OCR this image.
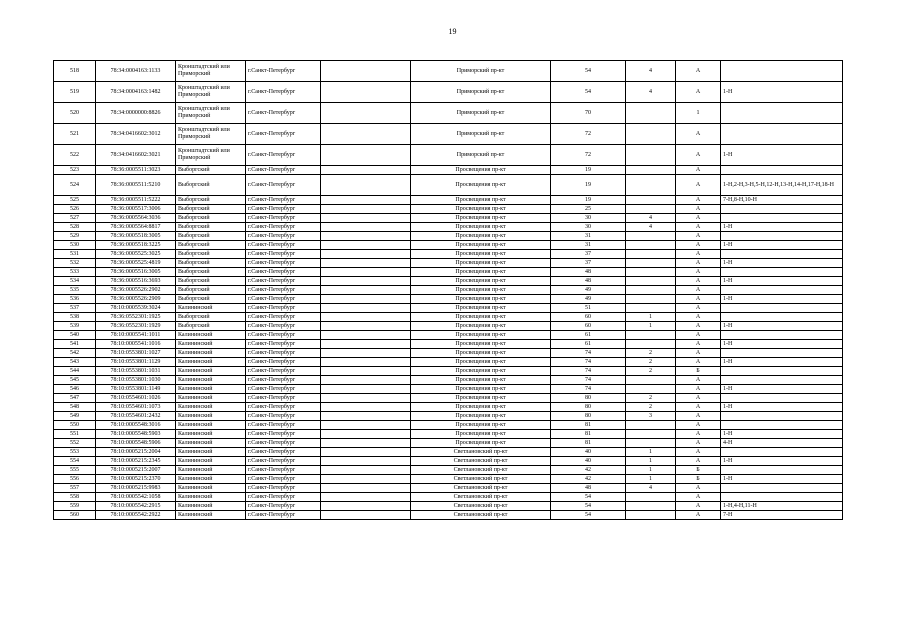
19
518	78:34:0004163:1133	Кронштадтский или Приморский	г.Санкт-Петербург		Приморский пр-кт	54	4	А	
519	78:34:0004163:1482	Кронштадтский или Приморский	г.Санкт-Петербург		Приморский пр-кт	54	4	А	1-Н
520	78:34:0000000:8826	Кронштадтский или Приморский	г.Санкт-Петербург		Приморский пр-кт	70		1	
521	78:34:0416602:3012	Кронштадтский или Приморский	г.Санкт-Петербург		Приморский пр-кт	72		А	
522	78:34:0416602:3021	Кронштадтский или Приморский	г.Санкт-Петербург		Приморский пр-кт	72		А	1-Н
523	78:36:0005511:3023	Выборгский	г.Санкт-Петербург		Просвещения пр-кт	19		А	
524	78:36:0005511:5210	Выборгский	г.Санкт-Петербург		Просвещения пр-кт	19		А	1-Н,2-Н,3-Н,5-Н,12-Н,13-Н,14-Н,17-Н,18-Н
525	78:36:0005511:5222	Выборгский	г.Санкт-Петербург		Просвещения пр-кт	19		А	7-Н,8-Н,10-Н
526	78:36:0005517:3006	Выборгский	г.Санкт-Петербург		Просвещения пр-кт	25		А	
527	78:36:0005564:3036	Выборгский	г.Санкт-Петербург		Просвещения пр-кт	30	4	А	
528	78:36:0005564:8817	Выборгский	г.Санкт-Петербург		Просвещения пр-кт	30	4	А	1-Н
529	78:36:0005518:3005	Выборгский	г.Санкт-Петербург		Просвещения пр-кт	31		А	
530	78:36:0005518:3225	Выборгский	г.Санкт-Петербург		Просвещения пр-кт	31		А	1-Н
531	78:36:0005525:3025	Выборгский	г.Санкт-Петербург		Просвещения пр-кт	37		А	
532	78:36:0005525:4819	Выборгский	г.Санкт-Петербург		Просвещения пр-кт	37		А	1-Н
533	78:36:0005516:3005	Выборгский	г.Санкт-Петербург		Просвещения пр-кт	48		А	
534	78:36:0005516:3693	Выборгский	г.Санкт-Петербург		Просвещения пр-кт	48		А	1-Н
535	78:36:0005526:2902	Выборгский	г.Санкт-Петербург		Просвещения пр-кт	49		А	
536	78:36:0005526:2909	Выборгский	г.Санкт-Петербург		Просвещения пр-кт	49		А	1-Н
537	78:10:0005539:3024	Калининский	г.Санкт-Петербург		Просвещения пр-кт	51		А	
538	78:36:0552301:1925	Выборгский	г.Санкт-Петербург		Просвещения пр-кт	60	1	А	
539	78:36:0552301:1929	Выборгский	г.Санкт-Петербург		Просвещения пр-кт	60	1	А	1-Н
540	78:10:0005541:1011	Калининский	г.Санкт-Петербург		Просвещения пр-кт	61		А	
541	78:10:0005541:1016	Калининский	г.Санкт-Петербург		Просвещения пр-кт	61		А	1-Н
542	78:10:0553801:1027	Калининский	г.Санкт-Петербург		Просвещения пр-кт	74	2	А	
543	78:10:0553801:1129	Калининский	г.Санкт-Петербург		Просвещения пр-кт	74	2	А	1-Н
544	78:10:0553801:1031	Калининский	г.Санкт-Петербург		Просвещения пр-кт	74	2	Б	
545	78:10:0553801:1030	Калининский	г.Санкт-Петербург		Просвещения пр-кт	74		А	
546	78:10:0553801:1149	Калининский	г.Санкт-Петербург		Просвещения пр-кт	74		А	1-Н
547	78:10:0554601:1026	Калининский	г.Санкт-Петербург		Просвещения пр-кт	80	2	А	
548	78:10:0554601:1073	Калининский	г.Санкт-Петербург		Просвещения пр-кт	80	2	А	1-Н
549	78:10:0554601:2432	Калининский	г.Санкт-Петербург		Просвещения пр-кт	80	3	А	
550	78:10:0005548:3016	Калининский	г.Санкт-Петербург		Просвещения пр-кт	81		А	
551	78:10:0005548:5903	Калининский	г.Санкт-Петербург		Просвещения пр-кт	81		А	1-Н
552	78:10:0005548:5906	Калининский	г.Санкт-Петербург		Просвещения пр-кт	81		А	4-Н
553	78:10:0005215:2004	Калининский	г.Санкт-Петербург		Светлановский пр-кт	40	1	А	
554	78:10:0005215:2345	Калининский	г.Санкт-Петербург		Светлановский пр-кт	40	1	А	1-Н
555	78:10:0005215:2007	Калининский	г.Санкт-Петербург		Светлановский пр-кт	42	1	Б	
556	78:10:0005215:2370	Калининский	г.Санкт-Петербург		Светлановский пр-кт	42	1	Б	1-Н
557	78:10:0005215:9983	Калининский	г.Санкт-Петербург		Светлановский пр-кт	48	4	А	
558	78:10:0005542:1058	Калининский	г.Санкт-Петербург		Светлановский пр-кт	54		А	
559	78:10:0005542:2915	Калининский	г.Санкт-Петербург		Светлановский пр-кт	54		А	1-Н,4-Н,11-Н
560	78:10:0005542:2922	Калининский	г.Санкт-Петербург		Светлановский пр-кт	54		А	7-Н
